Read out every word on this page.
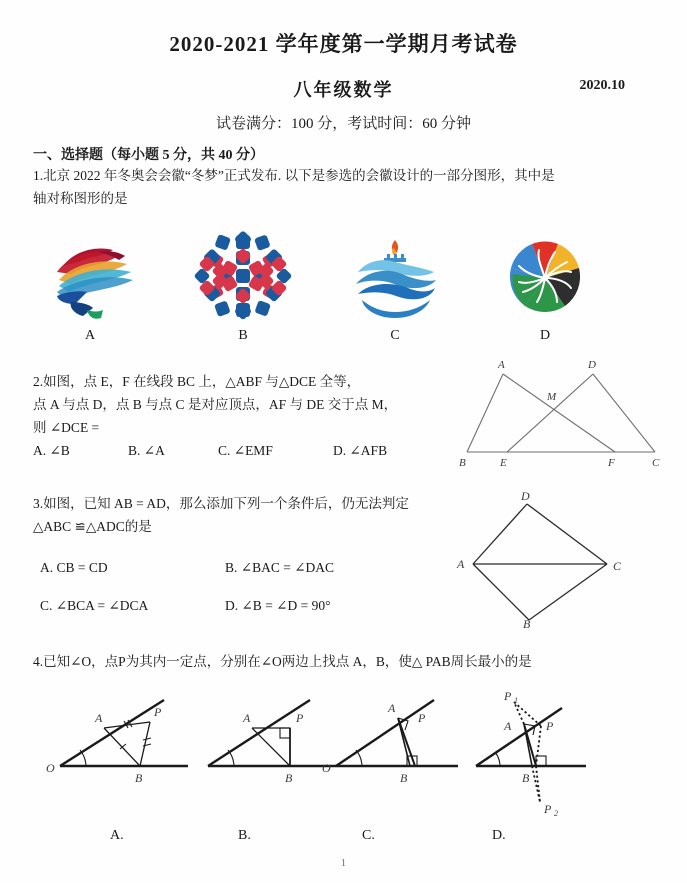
2020-2021 学年度第一学期月考试卷
八年级数学	2020.10
试卷满分：100 分，考试时间：60 分钟
一、选择题（每小题 5 分，共 40 分）
1.北京 2022 年冬奥会会徽“冬梦”正式发布. 以下是参选的会徽设计的一部分图形，其中是
轴对称图形的是
A	B	C	D
2.如图，点 E，F 在线段 BC 上，△ABF 与△DCE 全等，
点 A 与点 D，点 B 与点 C 是对应顶点，AF 与 DE 交于点 M，
则 ∠DCE =
A. ∠B	B. ∠A	C. ∠EMF	D. ∠AFB
A	D
M
B	E	F	C
3.如图，已知 AB = AD，那么添加下列一个条件后，仍无法判定
△ABC ≌△ADC的是
A. CB = CD	B. ∠BAC = ∠DAC
C. ∠BCA = ∠DCA	D. ∠B = ∠D = 90°
D
A	C
B
4.已知∠O，点P为其内一定点，分别在∠O两边上找点 A，B，使△ PAB周长最小的是
O
A	P
B
A	P
B
O
A
P
B
P 1
A	P
B
P 2
A.	B.	C.	D.
1
